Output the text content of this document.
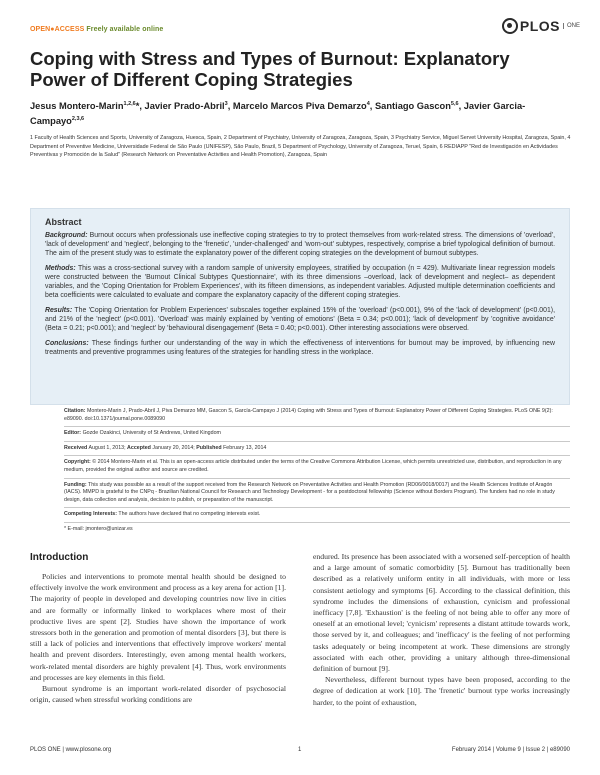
OPEN●ACCESS Freely available online	PLOS	ONE
Coping with Stress and Types of Burnout: Explanatory Power of Different Coping Strategies
Jesus Montero-Marin$^{1,2,6}$*, Javier Prado-Abril$^3$, Marcelo Marcos Piva Demarzo$^4$, Santiago Gascon$^{5,6}$, Javier Garcia-Campayo$^{2,3,6}$
1 Faculty of Health Sciences and Sports, University of Zaragoza, Huesca, Spain, 2 Department of Psychiatry, University of Zaragoza, Zaragoza, Spain, 3 Psychiatry Service, Miguel Servet University Hospital, Zaragoza, Spain, 4 Department of Preventive Medicine, Universidade Federal de São Paulo (UNIFESP), São Paulo, Brazil, 5 Department of Psychology, University of Zaragoza, Teruel, Spain, 6 REDIAPP "Red de Investigación en Actividades Preventivas y Promoción de la Salud" (Research Network on Preventative Activities and Health Promotion), Zaragoza, Spain
Abstract

Background: Burnout occurs when professionals use ineffective coping strategies to try to protect themselves from work-related stress. The dimensions of 'overload', 'lack of development' and 'neglect', belonging to the 'frenetic', 'under-challenged' and 'worn-out' subtypes, respectively, comprise a brief typological definition of burnout. The aim of the present study was to estimate the explanatory power of the different coping strategies on the development of burnout subtypes.

Methods: This was a cross-sectional survey with a random sample of university employees, stratified by occupation (n = 429). Multivariate linear regression models were constructed between the 'Burnout Clinical Subtypes Questionnaire', with its three dimensions –overload, lack of development and neglect– as dependent variables, and the 'Coping Orientation for Problem Experiences', with its fifteen dimensions, as independent variables. Adjusted multiple determination coefficients and beta coefficients were calculated to evaluate and compare the explanatory capacity of the different coping strategies.

Results: The 'Coping Orientation for Problem Experiences' subscales together explained 15% of the 'overload' (p<0.001), 9% of the 'lack of development' (p<0.001), and 21% of the 'neglect' (p<0.001). 'Overload' was mainly explained by 'venting of emotions' (Beta = 0.34; p<0.001); 'lack of development' by 'cognitive avoidance' (Beta = 0.21; p<0.001); and 'neglect' by 'behavioural disengagement' (Beta = 0.40; p<0.001). Other interesting associations were observed.

Conclusions: These findings further our understanding of the way in which the effectiveness of interventions for burnout may be improved, by influencing new treatments and preventive programmes using features of the strategies for handling stress in the workplace.

Citation: Montero-Marin J, Prado-Abril J, Piva Demarzo MM, Gascon S, García-Campayo J (2014) Coping with Stress and Types of Burnout: Explanatory Power of Different Coping Strategies. PLoS ONE 9(2): e89090. doi:10.1371/journal.pone.0089090
Editor: Gozde Ozakinci, University of St Andrews, United Kingdom
Received August 1, 2013; Accepted January 20, 2014; Published February 13, 2014
Copyright: © 2014 Montero-Marin et al. This is an open-access article distributed under the terms of the Creative Commons Attribution License, which permits unrestricted use, distribution, and reproduction in any medium, provided the original author and source are credited.
Funding: This study was possible as a result of the support received from the Research Network on Preventative Activities and Health Promotion (RD06/0018/0017) and the Health Sciences Institute of Aragón (IACS). MMPD is grateful to the CNPq - Brazilian National Council for Research and Technology Development - for a postdoctoral fellowship (Science without Borders Program). The funders had no role in study design, data collection and analysis, decision to publish, or preparation of the manuscript.
Competing Interests: The authors have declared that no competing interests exist.
* E-mail: jmontero@unizar.es
Introduction

Policies and interventions to promote mental health should be designed to effectively involve the work environment and process as a key arena for action [1]. The majority of people in developed and developing countries now live in cities and are formally or informally linked to workplaces where most of their productive lives are spent [2]. Studies have shown the importance of work stressors both in the generation and promotion of mental disorders [3], but there is still a lack of policies and interventions that effectively improve workers' mental health and prevent disorders. Interestingly, even among mental health workers, work-related mental disorders are highly prevalent [4]. Thus, work environments and processes are key elements in this field.

Burnout syndrome is an important work-related disorder of psychosocial origin, caused when stressful working conditions are

endured. Its presence has been associated with a worsened self-perception of health and a large amount of somatic comorbidity [5]. Burnout has traditionally been described as a relatively uniform entity in all individuals, with more or less consistent aetiology and symptoms [6]. According to the classical definition, this syndrome includes the dimensions of exhaustion, cynicism and professional inefficacy [7,8]. 'Exhaustion' is the feeling of not being able to offer any more of oneself at an emotional level; 'cynicism' represents a distant attitude towards work, those served by it, and colleagues; and 'inefficacy' is the feeling of not performing tasks adequately or being incompetent at work. These dimensions are strongly associated with each other, providing a unitary although three-dimensional definition of burnout [9].

Nevertheless, different burnout types have been proposed, according to the degree of dedication at work [10]. The 'frenetic' burnout type works increasingly harder, to the point of exhaustion,

PLOS ONE | www.plosone.org	1	February 2014 | Volume 9 | Issue 2 | e89090
